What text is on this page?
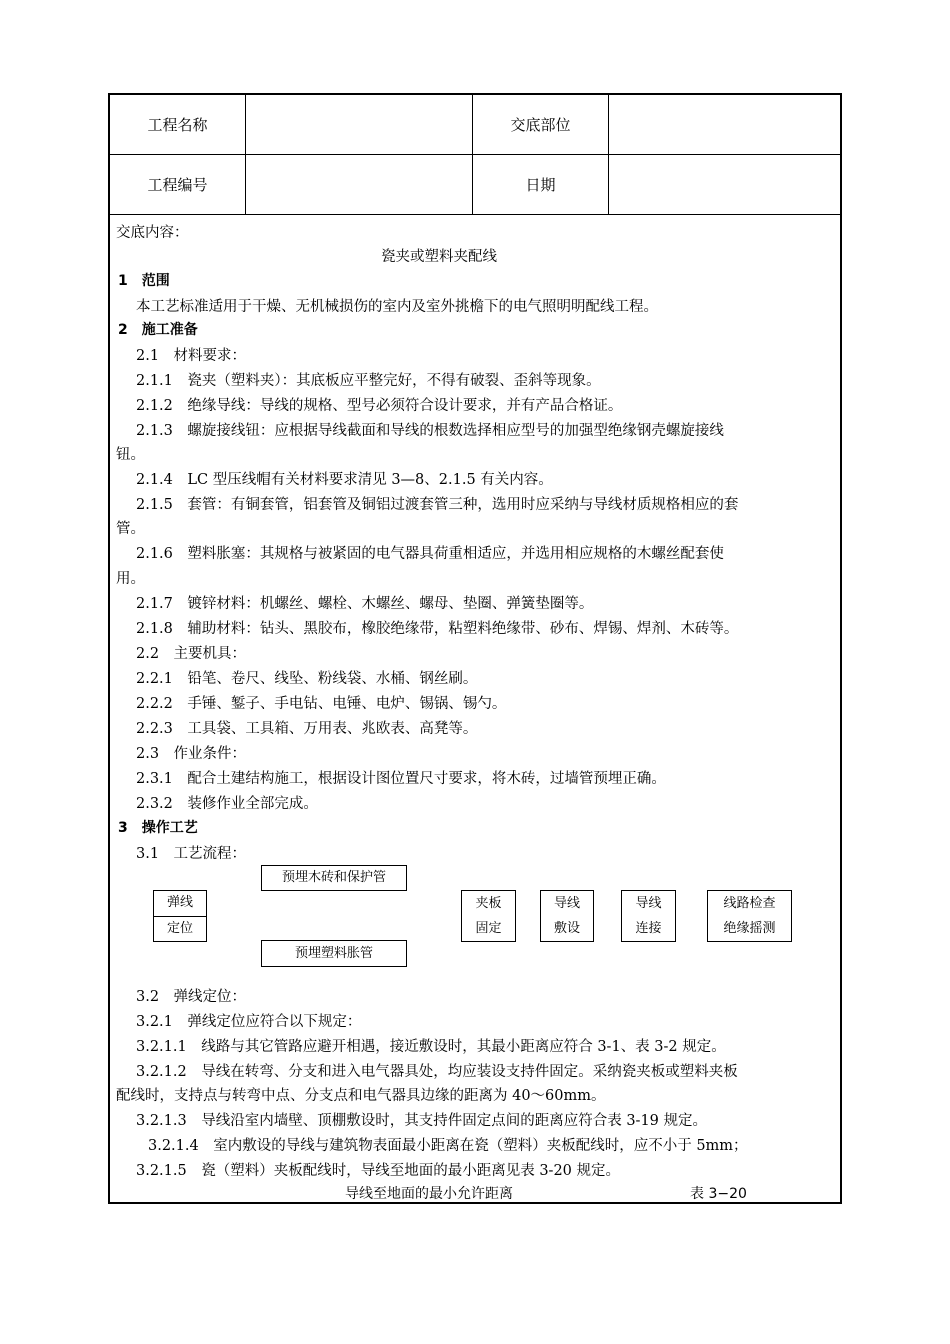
工程名称	交底部位
工程编号	日期
交底内容：
瓷夹或塑料夹配线
1　范围
本工艺标准适用于干燥、无机械损伤的室内及室外挑檐下的电气照明明配线工程。
2　施工准备
2.1　材料要求：
2.1.1　瓷夹（塑料夹）：其底板应平整完好，不得有破裂、歪斜等现象。
2.1.2　绝缘导线：导线的规格、型号必须符合设计要求，并有产品合格证。
2.1.3　螺旋接线钮：应根据导线截面和导线的根数选择相应型号的加强型绝缘钢壳螺旋接线
钮。
2.1.4　LC 型压线帽有关材料要求清见 3—8、2.1.5 有关内容。
2.1.5　套管：有铜套管，铝套管及铜铝过渡套管三种，选用时应采纳与导线材质规格相应的套
管。
2.1.6　塑料胀塞：其规格与被紧固的电气器具荷重相适应，并选用相应规格的木螺丝配套使
用。
2.1.7　镀锌材料：机螺丝、螺栓、木螺丝、螺母、垫圈、弹簧垫圈等。
2.1.8　辅助材料：钻头、黑胶布，橡胶绝缘带，粘塑料绝缘带、砂布、焊锡、焊剂、木砖等。
2.2　主要机具：
2.2.1　铅笔、卷尺、线坠、粉线袋、水桶、钢丝刷。
2.2.2　手锤、錾子、手电钻、电锤、电炉、锡锅、锡勺。
2.2.3　工具袋、工具箱、万用表、兆欧表、高凳等。
2.3　作业条件：
2.3.1　配合土建结构施工，根据设计图位置尺寸要求，将木砖，过墙管预埋正确。
2.3.2　装修作业全部完成。
3　操作工艺
3.1　工艺流程：
预埋木砖和保护管
弹线
定位
预埋塑料胀管
夹板
固定
导线
敷设
导线
连接
线路检查
绝缘摇测
3.2　弹线定位：
3.2.1　弹线定位应符合以下规定：
3.2.1.1　线路与其它管路应避开相遇，接近敷设时，其最小距离应符合 3-1、表 3-2 规定。
3.2.1.2　导线在转弯、分支和进入电气器具处，均应装设支持件固定。采纳瓷夹板或塑料夹板
配线时，支持点与转弯中点、分支点和电气器具边缘的距离为 40～60mm。
3.2.1.3　导线沿室内墙壁、顶棚敷设时，其支持件固定点间的距离应符合表 3-19 规定。
3.2.1.4　室内敷设的导线与建筑物表面最小距离在瓷（塑料）夹板配线时，应不小于 5mm；
3.2.1.5　瓷（塑料）夹板配线时，导线至地面的最小距离见表 3-20 规定。
导线至地面的最小允许距离	表 3−20
